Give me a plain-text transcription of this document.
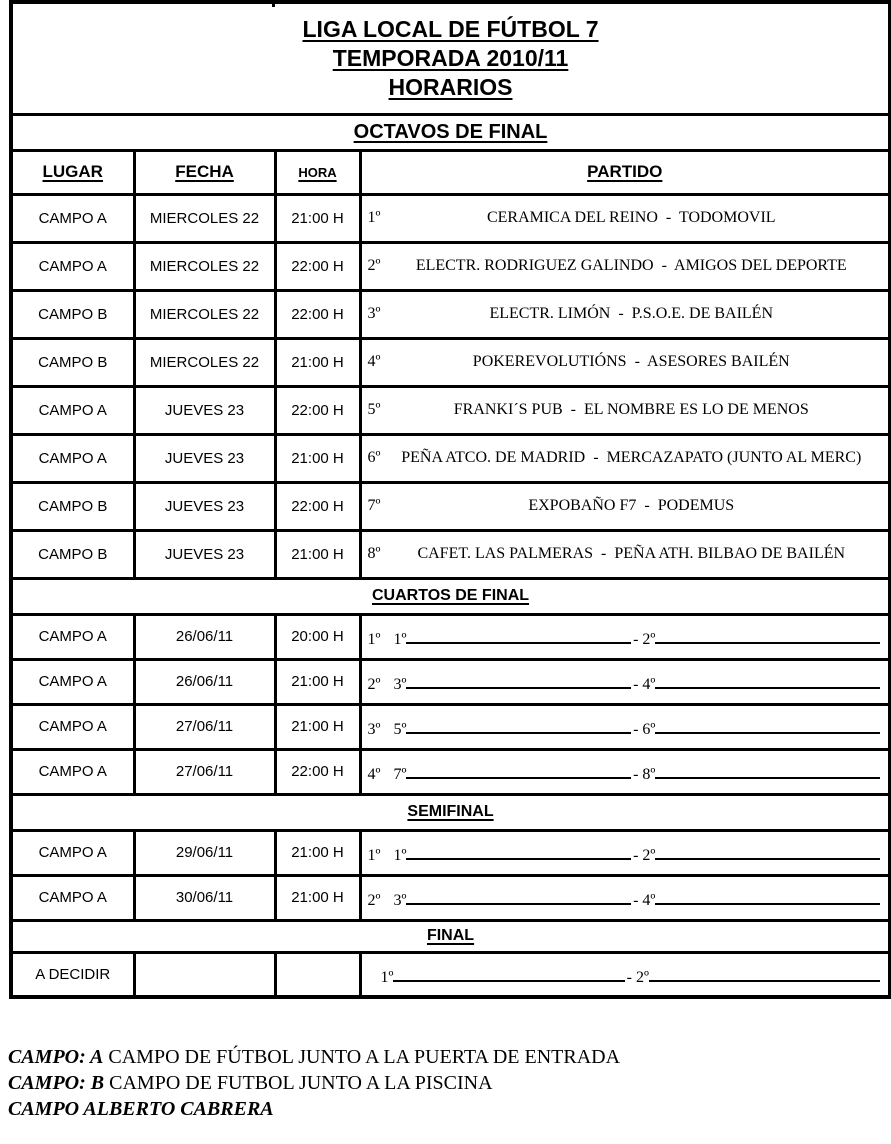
LIGA LOCAL DE FÚTBOL 7
TEMPORADA 2010/11
HORARIOS			

OCTAVOS DE FINAL			
LUGAR	FECHA	HORA	PARTIDO
CAMPO A	MIERCOLES 22	21:00 H	1º CERAMICA DEL REINO  -  TODOMOVIL

CAMPO A	MIERCOLES 22	22:00 H	2º ELECTR. RODRIGUEZ GALINDO  -  AMIGOS DEL DEPORTE

CAMPO B	MIERCOLES 22	22:00 H	3º ELECTR. LIMÓN  -  P.S.O.E. DE BAILÉN

CAMPO B	MIERCOLES 22	21:00 H	4º POKEREVOLUTIÓNS  -  ASESORES BAILÉN

CAMPO A	JUEVES 23	22:00 H	5º FRANKI´S PUB  -  EL NOMBRE ES LO DE MENOS

CAMPO A	JUEVES 23	21:00 H	6º PEÑA ATCO. DE MADRID  -  MERCAZAPATO (JUNTO AL MERC)

CAMPO B	JUEVES 23	22:00 H	7º EXPOBAÑO F7  -  PODEMUS

CAMPO B	JUEVES 23	21:00 H	8º CAFET. LAS PALMERAS  -  PEÑA ATH. BILBAO DE BAILÉN

CUARTOS DE FINAL			
CAMPO A	26/06/11	20:00 H	1º 1º - 2º

CAMPO A	26/06/11	21:00 H	2º 3º - 4º

CAMPO A	27/06/11	21:00 H	3º 5º - 6º

CAMPO A	27/06/11	22:00 H	4º 7º - 8º

SEMIFINAL			
CAMPO A	29/06/11	21:00 H	1º 1º - 2º

CAMPO A	30/06/11	21:00 H	2º 3º - 4º

FINAL			
A DECIDIR			1º - 2º
CAMPO: A CAMPO DE FÚTBOL JUNTO A LA PUERTA DE ENTRADA
CAMPO: B CAMPO DE FUTBOL JUNTO A LA PISCINA
CAMPO ALBERTO CABRERA
